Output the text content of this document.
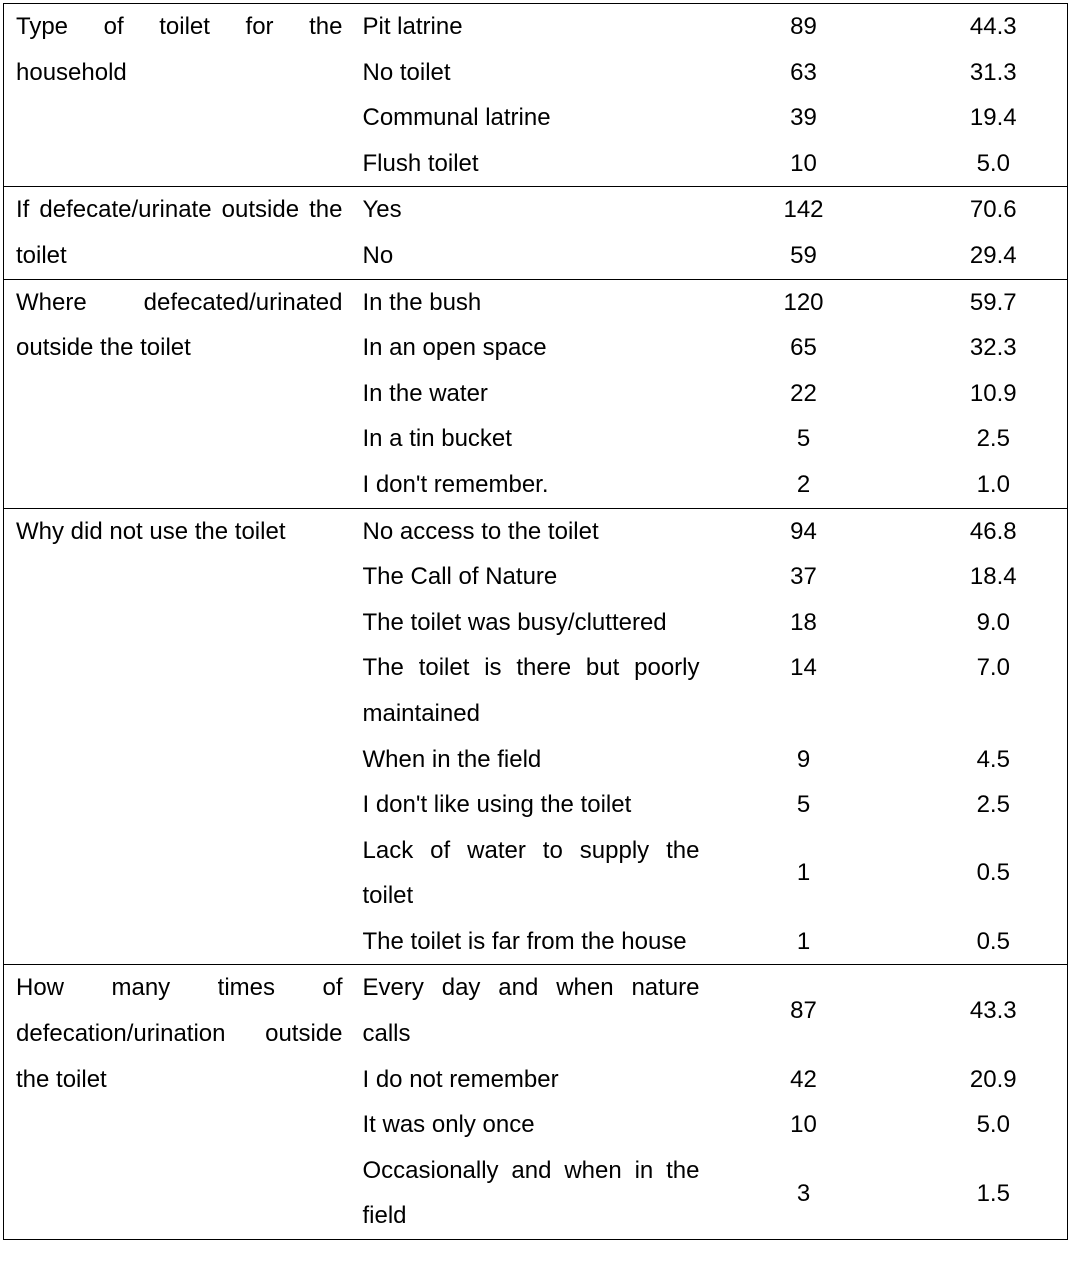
Type of toilet for the household	Pit latrine	89	44.3
	No toilet	63	31.3
	Communal latrine	39	19.4
	Flush toilet	10	5.0
If defecate/urinate outside the toilet	Yes	142	70.6
	No	59	29.4
Where defecated/urinated outside the toilet	In the bush	120	59.7
	In an open space	65	32.3
	In the water	22	10.9
	In a tin bucket	5	2.5
	I don't remember.	2	1.0
Why did not use the toilet	No access to the toilet	94	46.8
	The Call of Nature	37	18.4
	The toilet was busy/cluttered	18	9.0
	The toilet is there but poorly maintained	14	7.0
	When in the field	9	4.5
	I don't like using the toilet	5	2.5
	Lack of water to supply the toilet	1	0.5
	The toilet is far from the house	1	0.5
How many times of defecation/urination outside the toilet	Every day and when nature calls	87	43.3
	I do not remember	42	20.9
	It was only once	10	5.0
	Occasionally and when in the field	3	1.5
